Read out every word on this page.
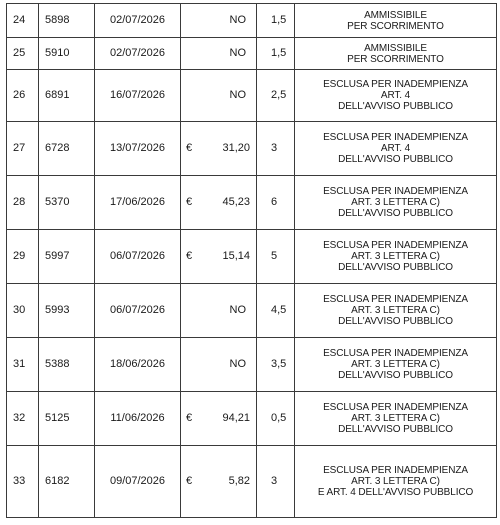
24	5898	02/07/2026	NO	1,5	AMMISSIBILE
PER SCORRIMENTO
25	5910	02/07/2026	NO	1,5	AMMISSIBILE
PER SCORRIMENTO
26	6891	16/07/2026	NO	2,5
ESCLUSA PER INADEMPIENZA
ART. 4
DELL'AVVISO PUBBLICO
27	6728	13/07/2026	€	31,20	3
ESCLUSA PER INADEMPIENZA
ART. 4
DELL'AVVISO PUBBLICO
28	5370	17/06/2026	€	45,23	6
ESCLUSA PER INADEMPIENZA
ART. 3 LETTERA C)
DELL'AVVISO PUBBLICO
29	5997	06/07/2026	€	15,14	5
ESCLUSA PER INADEMPIENZA
ART. 3 LETTERA C)
DELL'AVVISO PUBBLICO
30	5993	06/07/2026	NO	4,5
ESCLUSA PER INADEMPIENZA
ART. 3 LETTERA C)
DELL'AVVISO PUBBLICO
31	5388	18/06/2026	NO	3,5
ESCLUSA PER INADEMPIENZA
ART. 3 LETTERA C)
DELL'AVVISO PUBBLICO
32	5125	11/06/2026	€	94,21	0,5
ESCLUSA PER INADEMPIENZA
ART. 3 LETTERA C)
DELL'AVVISO PUBBLICO
33	6182	09/07/2026	€	5,82	3
ESCLUSA PER INADEMPIENZA
ART. 3 LETTERA C)
E ART. 4 DELL'AVVISO PUBBLICO
